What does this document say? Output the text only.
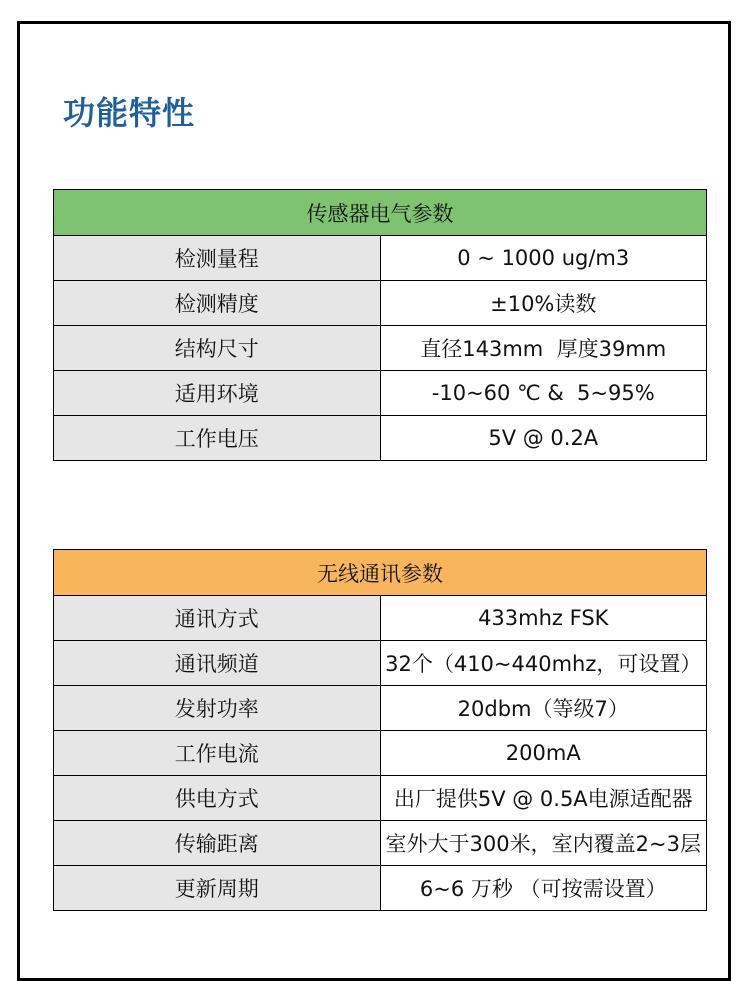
功能特性
传感器电气参数	
检测量程	0 ~ 1000 ug/m3
检测精度	±10%读数
结构尺寸	直径143mm  厚度39mm
适用环境	-10~60 ℃ &  5~95%
工作电压	5V @ 0.2A
无线通讯参数	
通讯方式	433mhz FSK
通讯频道	32个（410~440mhz，可设置）
发射功率	20dbm（等级7）
工作电流	200mA
供电方式	出厂提供5V @ 0.5A电源适配器
传输距离	室外大于300米，室内覆盖2~3层
更新周期	6~6 万秒 （可按需设置）
